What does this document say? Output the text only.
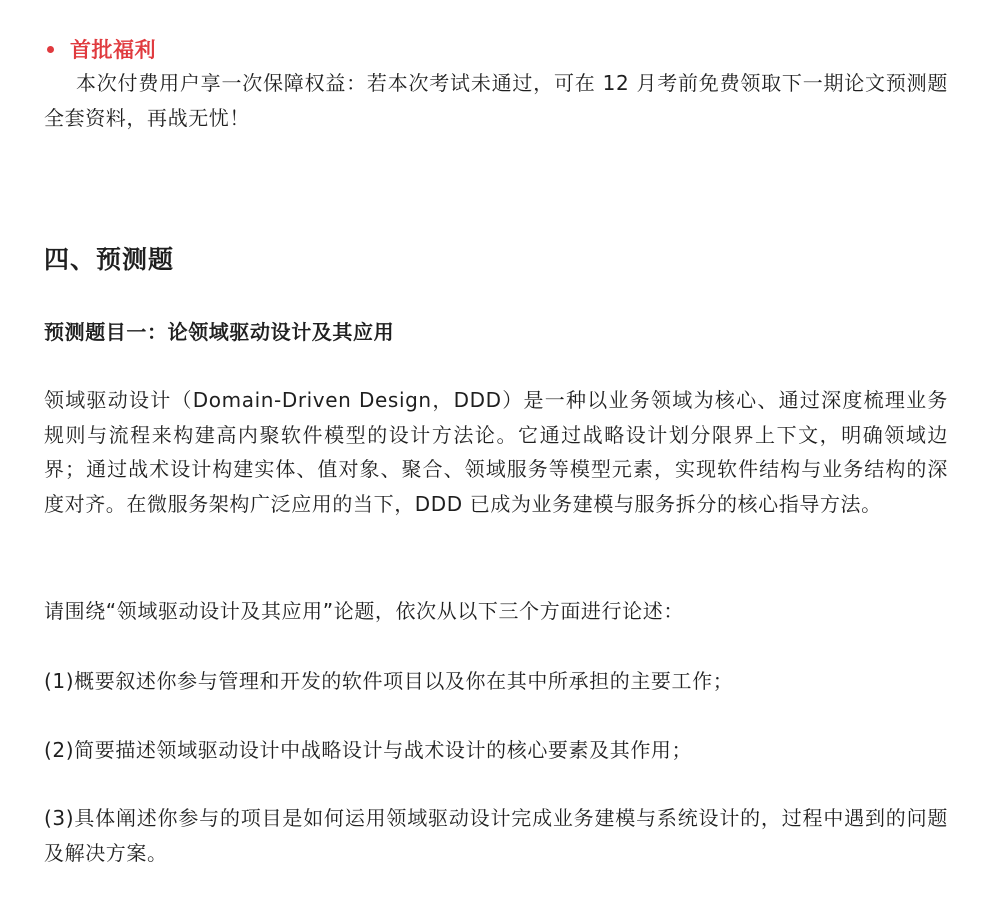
首批福利

本次付费用户享一次保障权益：若本次考试未通过，可在 12 月考前免费领取下一期论文预测题全套资料，再战无忧！

四、预测题
预测题目一：论领域驱动设计及其应用

领域驱动设计（Domain-Driven Design，DDD）是一种以业务领域为核心、通过深度梳理业务规则与流程来构建高内聚软件模型的设计方法论。它通过战略设计划分限界上下文，明确领域边界；通过战术设计构建实体、值对象、聚合、领域服务等模型元素，实现软件结构与业务结构的深度对齐。在微服务架构广泛应用的当下，DDD 已成为业务建模与服务拆分的核心指导方法。

请围绕“领域驱动设计及其应用”论题，依次从以下三个方面进行论述：

(1)概要叙述你参与管理和开发的软件项目以及你在其中所承担的主要工作；

(2)简要描述领域驱动设计中战略设计与战术设计的核心要素及其作用；

(3)具体阐述你参与的项目是如何运用领域驱动设计完成业务建模与系统设计的，过程中遇到的问题及解决方案。
